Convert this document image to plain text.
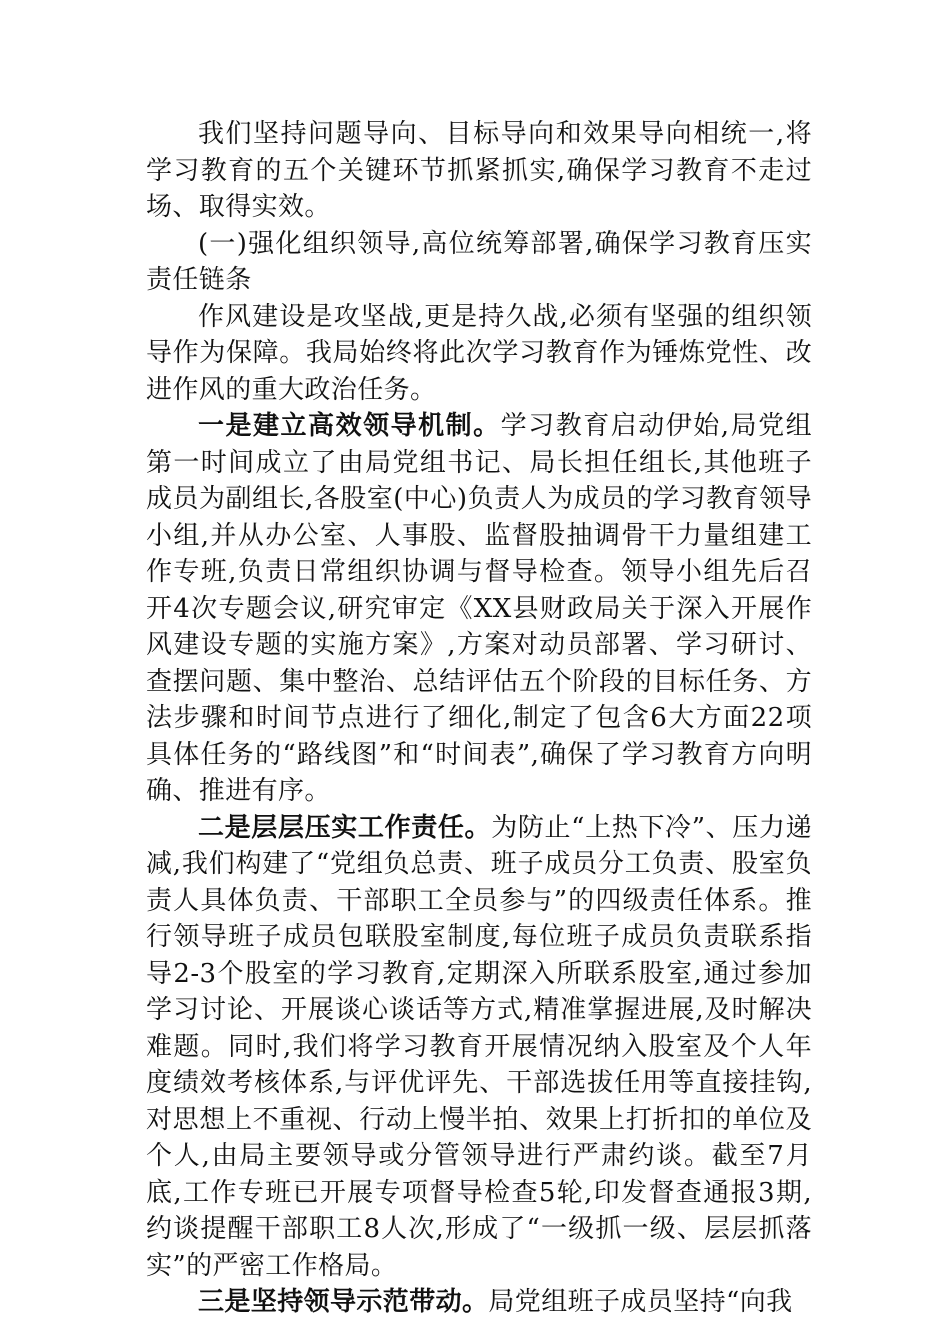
我们坚持问题导向、目标导向和效果导向相统一,将学习教育的五个关键环节抓紧抓实,确保学习教育不走过场、取得实效。

(一)强化组织领导,高位统筹部署,确保学习教育压实责任链条

作风建设是攻坚战,更是持久战,必须有坚强的组织领导作为保障。我局始终将此次学习教育作为锤炼党性、改进作风的重大政治任务。

一是建立高效领导机制。学习教育启动伊始,局党组第一时间成立了由局党组书记、局长担任组长,其他班子成员为副组长,各股室(中心)负责人为成员的学习教育领导小组,并从办公室、人事股、监督股抽调骨干力量组建工作专班,负责日常组织协调与督导检查。领导小组先后召开4次专题会议,研究审定《XX县财政局关于深入开展作风建设专题的实施方案》,方案对动员部署、学习研讨、查摆问题、集中整治、总结评估五个阶段的目标任务、方法步骤和时间节点进行了细化,制定了包含6大方面22项具体任务的“路线图”和“时间表”,确保了学习教育方向明确、推进有序。

二是层层压实工作责任。为防止“上热下冷”、压力递减,我们构建了“党组负总责、班子成员分工负责、股室负责人具体负责、干部职工全员参与”的四级责任体系。推行领导班子成员包联股室制度,每位班子成员负责联系指导2-3个股室的学习教育,定期深入所联系股室,通过参加学习讨论、开展谈心谈话等方式,精准掌握进展,及时解决难题。同时,我们将学习教育开展情况纳入股室及个人年度绩效考核体系,与评优评先、干部选拔任用等直接挂钩,对思想上不重视、行动上慢半拍、效果上打折扣的单位及个人,由局主要领导或分管领导进行严肃约谈。截至7月底,工作专班已开展专项督导检查5轮,印发督查通报3期,约谈提醒干部职工8人次,形成了“一级抓一级、层层抓落实”的严密工作格局。

三是坚持领导示范带动。局党组班子成员坚持“向我
